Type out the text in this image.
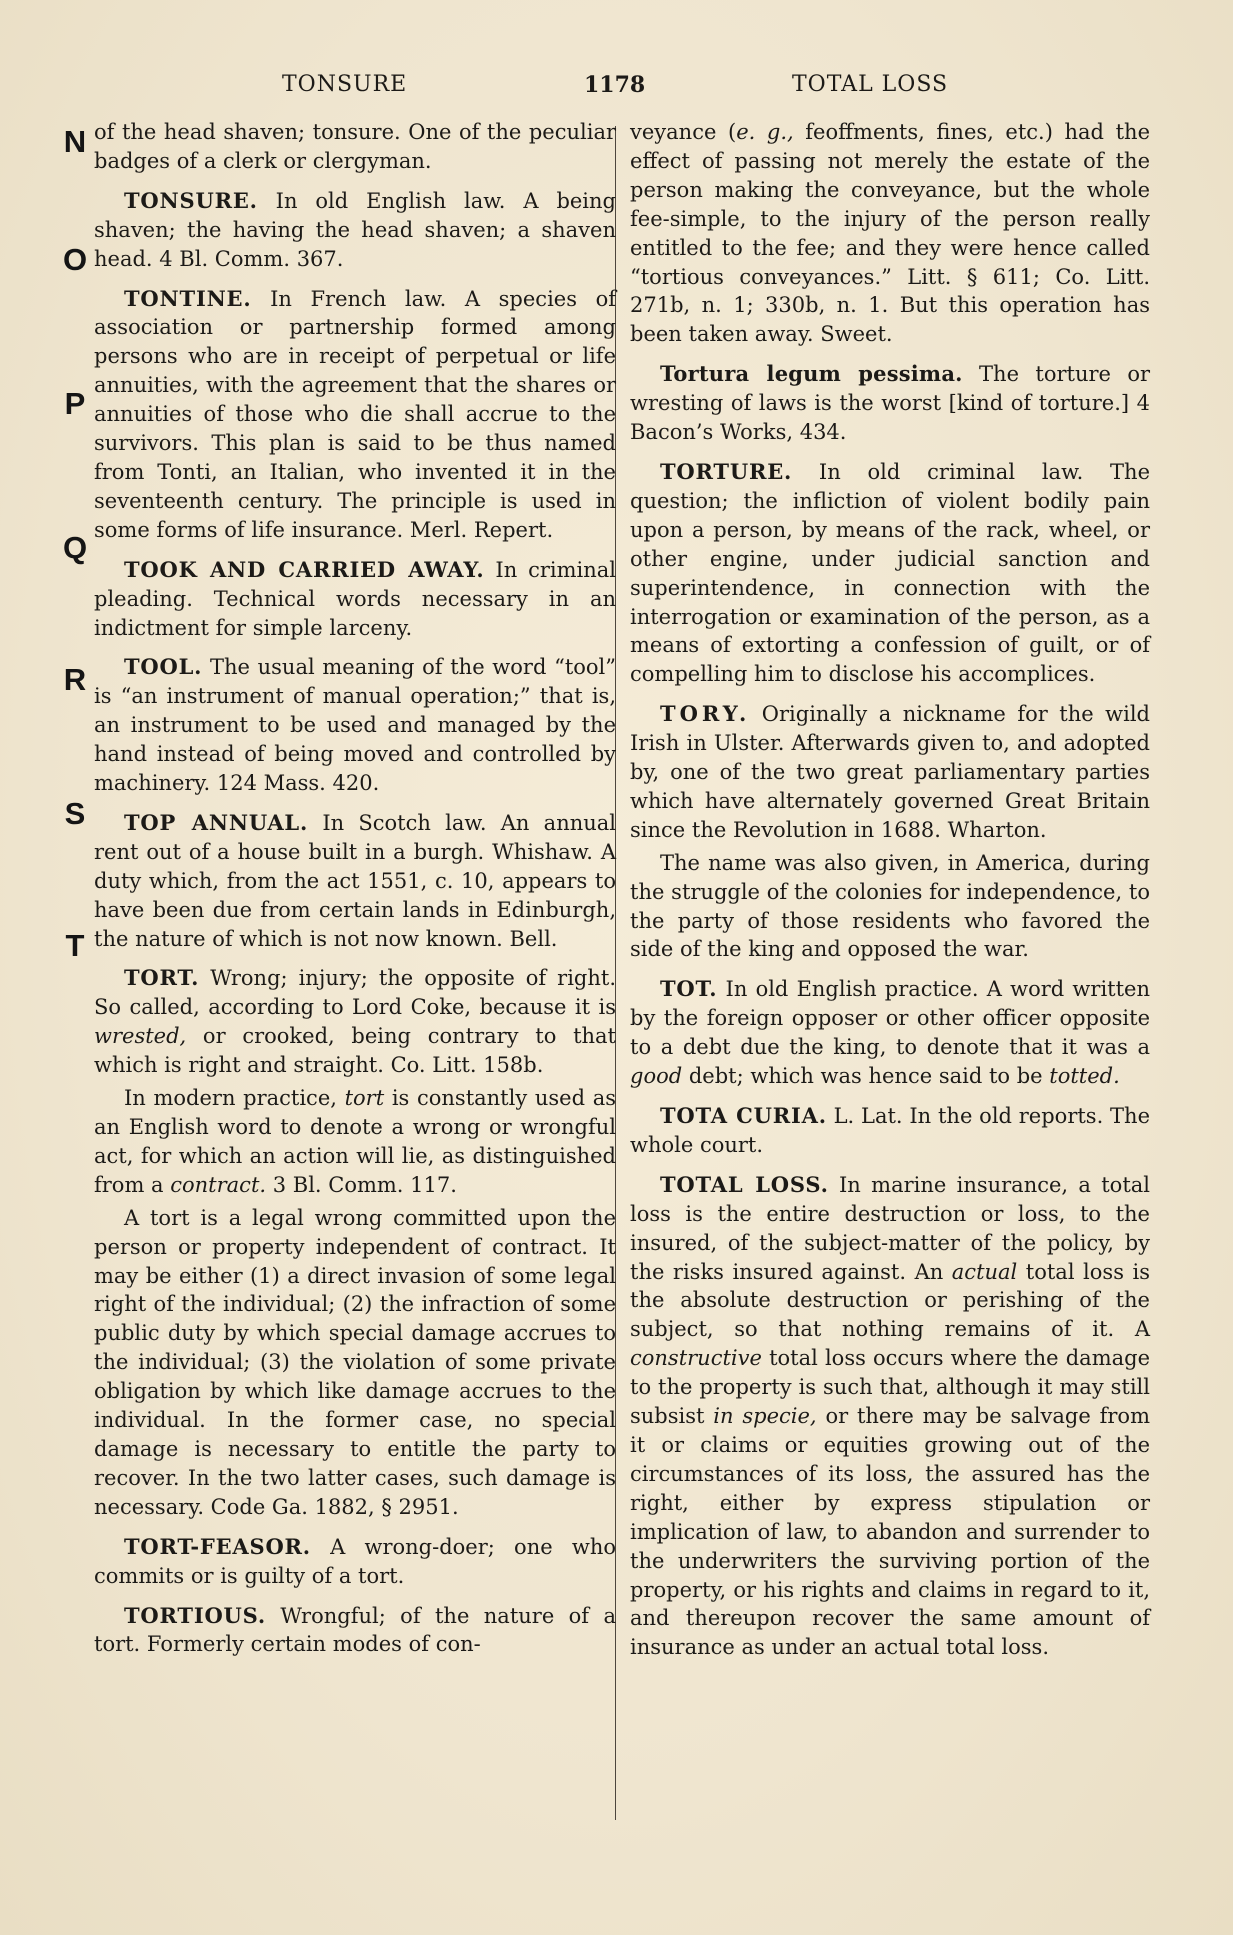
TONSURE	1178	TOTAL LOSS
N
O
P
Q
R
S
T

of the head shaven; tonsure. One of the peculiar badges of a clerk or clergyman.

TONSURE. In old English law. A being shaven; the having the head shaven; a shaven head. 4 Bl. Comm. 367.

TONTINE. In French law. A species of association or partnership formed among persons who are in receipt of perpetual or life annuities, with the agreement that the shares or annuities of those who die shall accrue to the survivors. This plan is said to be thus named from Tonti, an Italian, who invented it in the seventeenth century. The principle is used in some forms of life insurance. Merl. Repert.

TOOK AND CARRIED AWAY. In criminal pleading. Technical words necessary in an indictment for simple larceny.

TOOL. The usual meaning of the word “tool” is “an instrument of manual operation;” that is, an instrument to be used and managed by the hand instead of being moved and controlled by machinery. 124 Mass. 420.

TOP ANNUAL. In Scotch law. An annual rent out of a house built in a burgh. Whishaw. A duty which, from the act 1551, c. 10, appears to have been due from certain lands in Edinburgh, the nature of which is not now known. Bell.

TORT. Wrong; injury; the opposite of right. So called, according to Lord Coke, because it is wrested, or crooked, being contrary to that which is right and straight. Co. Litt. 158b.

In modern practice, tort is constantly used as an English word to denote a wrong or wrongful act, for which an action will lie, as distinguished from a contract. 3 Bl. Comm. 117.

A tort is a legal wrong committed upon the person or property independent of contract. It may be either (1) a direct invasion of some legal right of the individual; (2) the infraction of some public duty by which special damage accrues to the individual; (3) the violation of some private obligation by which like damage accrues to the individual. In the former case, no special damage is necessary to entitle the party to recover. In the two latter cases, such damage is necessary. Code Ga. 1882, § 2951.

TORT-FEASOR. A wrong-doer; one who commits or is guilty of a tort.

TORTIOUS. Wrongful; of the nature of a tort. Formerly certain modes of con-

veyance (e. g., feoffments, fines, etc.) had the effect of passing not merely the estate of the person making the conveyance, but the whole fee-simple, to the injury of the person really entitled to the fee; and they were hence called “tortious conveyances.” Litt. § 611; Co. Litt. 271b, n. 1; 330b, n. 1. But this operation has been taken away. Sweet.

Tortura legum pessima. The torture or wresting of laws is the worst [kind of torture.] 4 Bacon’s Works, 434.

TORTURE. In old criminal law. The question; the infliction of violent bodily pain upon a person, by means of the rack, wheel, or other engine, under judicial sanction and superintendence, in connection with the interrogation or examination of the person, as a means of extorting a confession of guilt, or of compelling him to disclose his accomplices.

TORY. Originally a nickname for the wild Irish in Ulster. Afterwards given to, and adopted by, one of the two great parliamentary parties which have alternately governed Great Britain since the Revolution in 1688. Wharton.

The name was also given, in America, during the struggle of the colonies for independence, to the party of those residents who favored the side of the king and opposed the war.

TOT. In old English practice. A word written by the foreign opposer or other officer opposite to a debt due the king, to denote that it was a good debt; which was hence said to be totted.

TOTA CURIA. L. Lat. In the old reports. The whole court.

TOTAL LOSS. In marine insurance, a total loss is the entire destruction or loss, to the insured, of the subject-matter of the policy, by the risks insured against. An actual total loss is the absolute destruction or perishing of the subject, so that nothing remains of it. A constructive total loss occurs where the damage to the property is such that, although it may still subsist in specie, or there may be salvage from it or claims or equities growing out of the circumstances of its loss, the assured has the right, either by express stipulation or implication of law, to abandon and surrender to the underwriters the surviving portion of the property, or his rights and claims in regard to it, and thereupon recover the same amount of insurance as under an actual total loss.
